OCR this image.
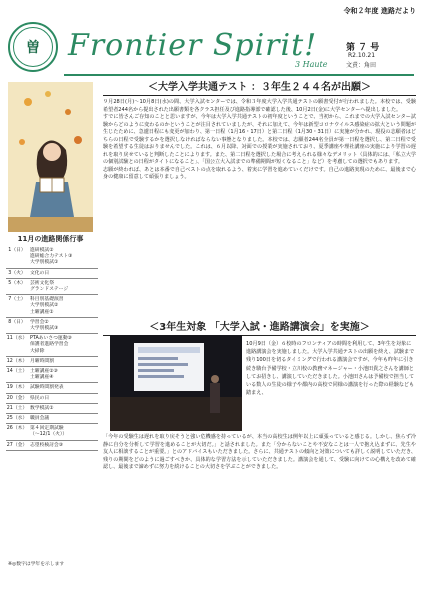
曽 Frontier Spirit!
3 Haute
令和２年度 進路だより
第 ７ 号
R2.10.21
文責：角田
11月の進路関係行事
1（日） 進研模試②
進研総合力テスト③
大学別模試①
3（火） 文化の日
5（木） 芸術文化祭
グランドステージ
7（土） 科目別基礎演習
大学別模試②
土曜講座①
8（日） 学習会②
大学別模試③
11（水） PTAあいさつ運動③
保護者進路学習会
大掃除
12（木） 月曜時間割
14（土） 土曜講座②③
土曜講座④
19（木） 試験時間割発表
20（金） 県民の日
21（土） 数学模試①
25（水） 職員会議
26（木） 第４回定期試験
（〜12/1（火））
27（金） 志望校検討会③
※◎数字は学年を示します
＜大学入学共通テスト ：３年生２４４名が出願＞

９月28日(月)〜10月8日(水)の間、大学入試センターでは、令和３年度大学入学共通テストの願書受付が行われました。本校では、受験希望者244名から提出された出願書類を各クラス担任及び進路指導部で確認した後、10月2日(金)に大学センターへ提出しました。

すでに皆さんご存知のことと思いますが、今年は大学入学共通テストの初年度ということで、当初から、これまでの大学入試センター試験からどのように変わるのかということが注目されていましたが、それに加えて、今年は新型コロナウイルス感染症の拡大という問題が生じたために、急遽日程にも変更が加わり、第一日程（1月16・17日）と第二日程（1月30・31日）に実施が分かれ、現役の志願者はどちらの日程で受験するかを選択しなければならない事態となりました。本校では、志願者244名全員が第一日程を選択し、第二日程で受験を希望する生徒はおりませんでした。これは、６月以降、対面での授業が実施されており、夏季講座や理社講座の実施により学習の遅れを取り戻せていると判断したことによります。また、第二日程を選択した場合に考えられる様々なデメリット（具体的には、「私立大学の個別試験との日程がタイトになること」、「国公立大入試までの準備期間が短くなること」など）を考慮しての選択でもあります。

志願が終われば、あとは本番で自己ベストの点を取れるよう、着実に学習を進めていくだけです。自己の進路実現のために、最後まで心身の健康に留意して頑張りましょう。

＜3年生対象 「大学入試・進路講演会」を実施＞

10月9日（金）６校時のフロンティアの時間を利用して、3年生を対象に進路講演会を実施しました。大学入学共通テストの出願を終え、試験まで残り100日を切るタイミングで行われる講演会ですが、今年も昨年に引き続き駿台予備学校・立川校の教務マネージャー・小池田貴之さんを講師としてお招きし、講演していただきました。小池田さんは予備校で担当している数人の生徒の様子や都内の高校で同様の講演を行った際の経験なども踏まえ、

「今年の受験生は遅れを取り戻そうと強い危機感を持っているが、本当の高校生は例年以上に頑張っていると感じる。しかし、焦らず冷静に自分を分析して学習を進めることが大切だ。」と話されました。また「分からないことや不安なことは一人で抱え込まずに、先生や友人に相談することが重要。」とのアドバイスもいただきました。さらに、共通テストの傾向と対策についても詳しく説明していただき、残りの期間をどのように過ごすべきか、具体的な学習方法を示していただきました。講演会を通して、受験に向けての心構えを改めて確認し、最後まで諦めずに努力を続けることの大切さを学ぶことができました。
